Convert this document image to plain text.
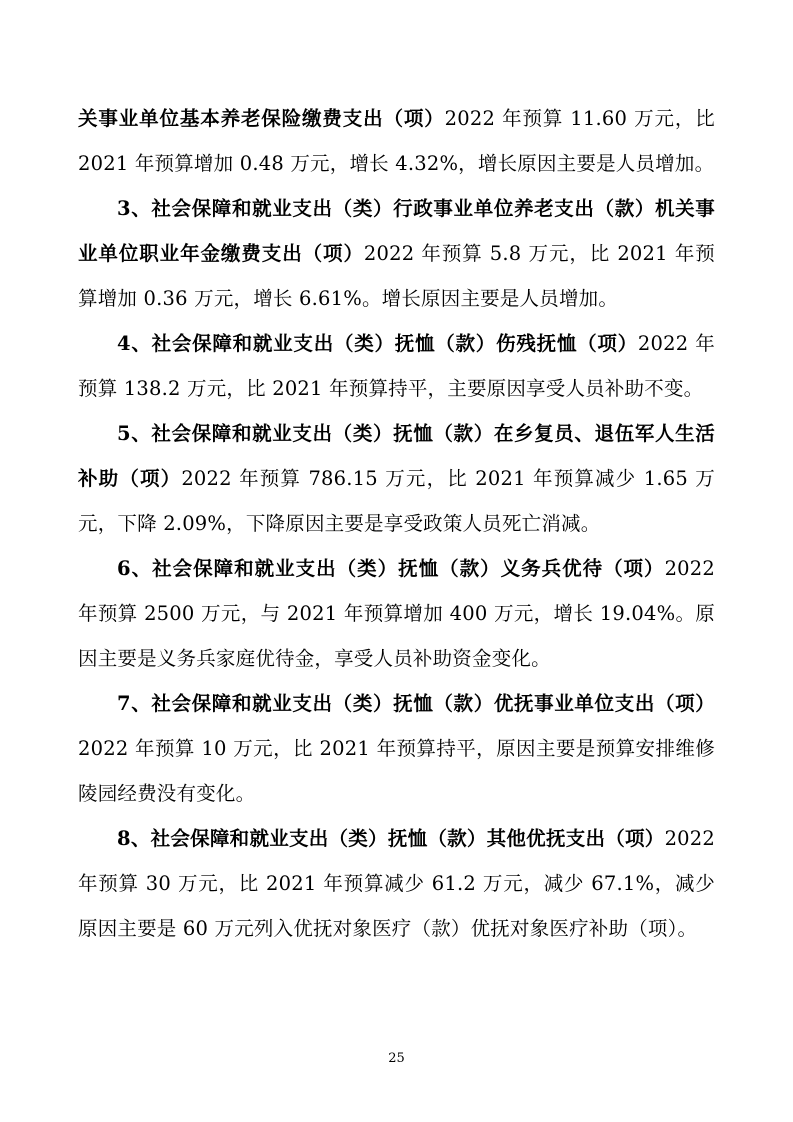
关事业单位基本养老保险缴费支出（项）2022 年预算 11.60 万元，比 2021 年预算增加 0.48 万元，增长 4.32%，增长原因主要是人员增加。

3、社会保障和就业支出（类）行政事业单位养老支出（款）机关事业单位职业年金缴费支出（项）2022 年预算 5.8 万元，比 2021 年预算增加 0.36 万元，增长 6.61%。增长原因主要是人员增加。

4、社会保障和就业支出（类）抚恤（款）伤残抚恤（项）2022 年预算 138.2 万元，比 2021 年预算持平，主要原因享受人员补助不变。

5、社会保障和就业支出（类）抚恤（款）在乡复员、退伍军人生活补助（项）2022 年预算 786.15 万元，比 2021 年预算减少 1.65 万元，下降 2.09%，下降原因主要是享受政策人员死亡消减。

6、社会保障和就业支出（类）抚恤（款）义务兵优待（项）2022 年预算 2500 万元，与 2021 年预算增加 400 万元，增长 19.04%。原因主要是义务兵家庭优待金，享受人员补助资金变化。

7、社会保障和就业支出（类）抚恤（款）优抚事业单位支出（项）2022 年预算 10 万元，比 2021 年预算持平，原因主要是预算安排维修陵园经费没有变化。

8、社会保障和就业支出（类）抚恤（款）其他优抚支出（项）2022 年预算 30 万元，比 2021 年预算减少 61.2 万元，减少 67.1%，减少原因主要是 60 万元列入优抚对象医疗（款）优抚对象医疗补助（项）。

25
